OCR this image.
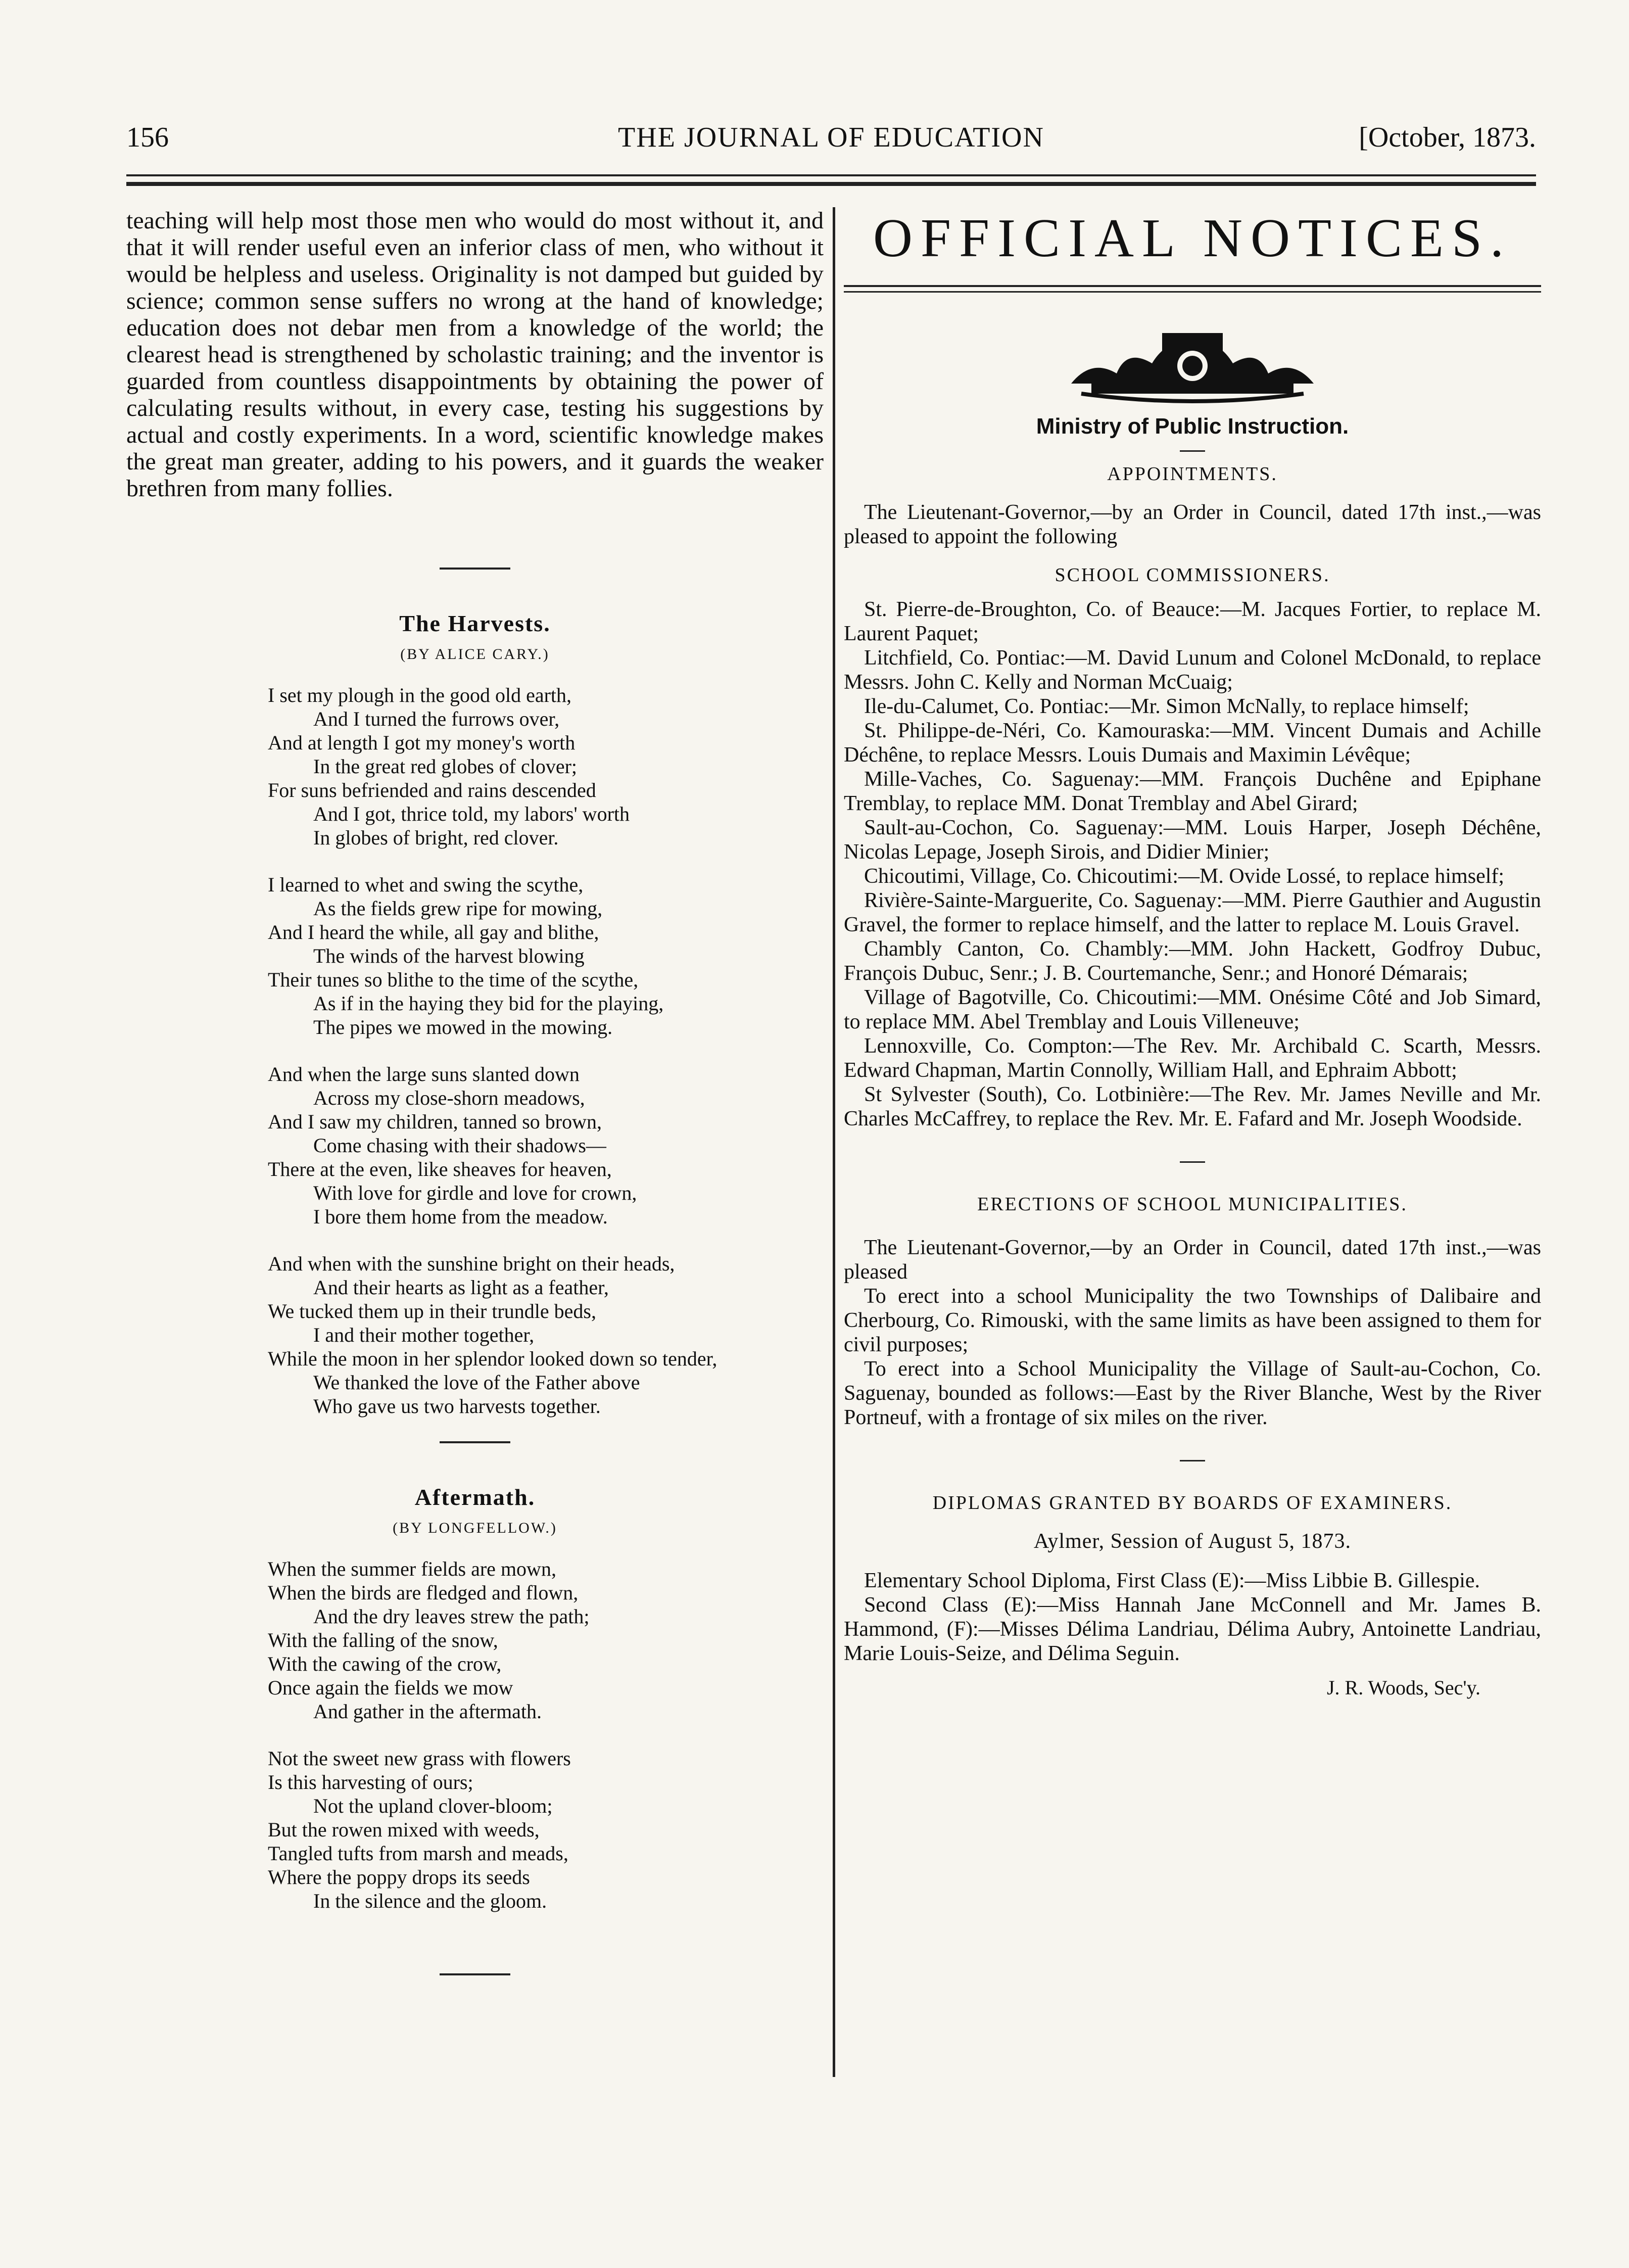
156	THE JOURNAL OF EDUCATION	[October, 1873.

teaching will help most those men who would do most without it, and that it will render useful even an inferior class of men, who without it would be helpless and useless. Originality is not damped but guided by science; common sense suffers no wrong at the hand of knowledge; education does not debar men from a knowledge of the world; the clearest head is strengthened by scholastic training; and the inventor is guarded from countless disappointments by obtaining the power of calculating results without, in every case, testing his suggestions by actual and costly experiments. In a word, scientific knowledge makes the great man greater, adding to his powers, and it guards the weaker brethren from many follies.

The Harvests.
(BY ALICE CARY.)
I set my plough in the good old earth,
And I turned the furrows over,
And at length I got my money's worth
In the great red globes of clover;
For suns befriended and rains descended
And I got, thrice told, my labors' worth
In globes of bright, red clover.
I learned to whet and swing the scythe,
As the fields grew ripe for mowing,
And I heard the while, all gay and blithe,
The winds of the harvest blowing
Their tunes so blithe to the time of the scythe,
As if in the haying they bid for the playing,
The pipes we mowed in the mowing.
And when the large suns slanted down
Across my close-shorn meadows,
And I saw my children, tanned so brown,
Come chasing with their shadows—
There at the even, like sheaves for heaven,
With love for girdle and love for crown,
I bore them home from the meadow.
And when with the sunshine bright on their heads,
And their hearts as light as a feather,
We tucked them up in their trundle beds,
I and their mother together,
While the moon in her splendor looked down so tender,
We thanked the love of the Father above
Who gave us two harvests together.
Aftermath.
(BY LONGFELLOW.)
When the summer fields are mown,
When the birds are fledged and flown,
And the dry leaves strew the path;
With the falling of the snow,
With the cawing of the crow,
Once again the fields we mow
And gather in the aftermath.
Not the sweet new grass with flowers
Is this harvesting of ours;
Not the upland clover-bloom;
But the rowen mixed with weeds,
Tangled tufts from marsh and meads,
Where the poppy drops its seeds
In the silence and the gloom.
OFFICIAL NOTICES.
Ministry of Public Instruction.
APPOINTMENTS.

The Lieutenant-Governor,—by an Order in Council, dated 17th inst.,—was pleased to appoint the following

SCHOOL COMMISSIONERS.

St. Pierre-de-Broughton, Co. of Beauce:—M. Jacques Fortier, to replace M. Laurent Paquet;

Litchfield, Co. Pontiac:—M. David Lunum and Colonel McDonald, to replace Messrs. John C. Kelly and Norman McCuaig;

Ile-du-Calumet, Co. Pontiac:—Mr. Simon McNally, to replace himself;

St. Philippe-de-Néri, Co. Kamouraska:—MM. Vincent Dumais and Achille Déchêne, to replace Messrs. Louis Dumais and Maximin Lévêque;

Mille-Vaches, Co. Saguenay:—MM. François Duchêne and Epiphane Tremblay, to replace MM. Donat Tremblay and Abel Girard;

Sault-au-Cochon, Co. Saguenay:—MM. Louis Harper, Joseph Déchêne, Nicolas Lepage, Joseph Sirois, and Didier Minier;

Chicoutimi, Village, Co. Chicoutimi:—M. Ovide Lossé, to replace himself;

Rivière-Sainte-Marguerite, Co. Saguenay:—MM. Pierre Gauthier and Augustin Gravel, the former to replace himself, and the latter to replace M. Louis Gravel.

Chambly Canton, Co. Chambly:—MM. John Hackett, Godfroy Dubuc, François Dubuc, Senr.; J. B. Courtemanche, Senr.; and Honoré Démarais;

Village of Bagotville, Co. Chicoutimi:—MM. Onésime Côté and Job Simard, to replace MM. Abel Tremblay and Louis Villeneuve;

Lennoxville, Co. Compton:—The Rev. Mr. Archibald C. Scarth, Messrs. Edward Chapman, Martin Connolly, William Hall, and Ephraim Abbott;

St Sylvester (South), Co. Lotbinière:—The Rev. Mr. James Neville and Mr. Charles McCaffrey, to replace the Rev. Mr. E. Fafard and Mr. Joseph Woodside.

ERECTIONS OF SCHOOL MUNICIPALITIES.

The Lieutenant-Governor,—by an Order in Council, dated 17th inst.,—was pleased

To erect into a school Municipality the two Townships of Dalibaire and Cherbourg, Co. Rimouski, with the same limits as have been assigned to them for civil purposes;

To erect into a School Municipality the Village of Sault-au-Cochon, Co. Saguenay, bounded as follows:—East by the River Blanche, West by the River Portneuf, with a frontage of six miles on the river.

DIPLOMAS GRANTED BY BOARDS OF EXAMINERS.
Aylmer, Session of August 5, 1873.

Elementary School Diploma, First Class (E):—Miss Libbie B. Gillespie.

Second Class (E):—Miss Hannah Jane McConnell and Mr. James B. Hammond, (F):—Misses Délima Landriau, Délima Aubry, Antoinette Landriau, Marie Louis-Seize, and Délima Seguin.

J. R. Woods, Sec'y.
